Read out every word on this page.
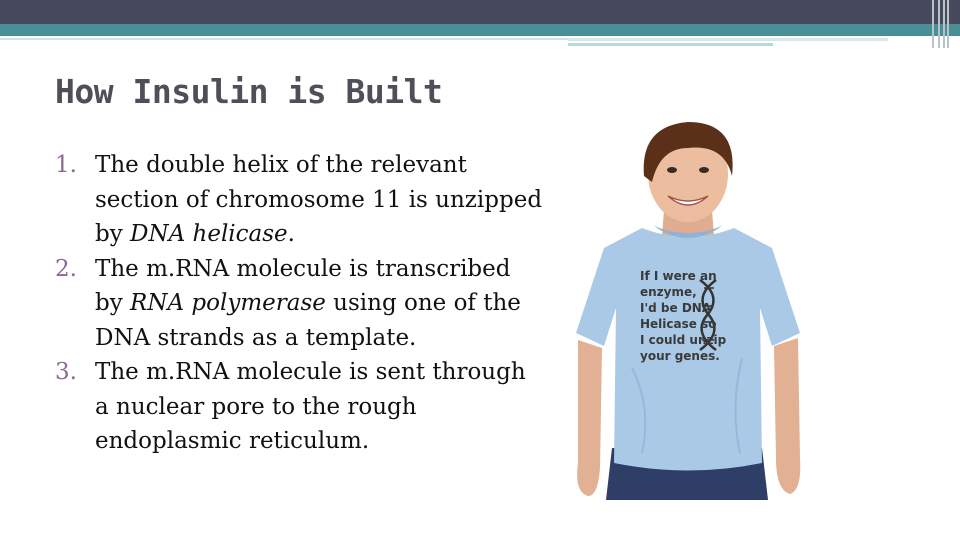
How Insulin is Built
1. The double helix of the relevant section of chromosome 11 is unzipped by DNA helicase.
2. The m.RNA molecule is transcribed by RNA polymerase using one of the DNA strands as a template.
3. The m.RNA molecule is sent through a nuclear pore to the rough endoplasmic reticulum.
If I were an
enzyme,
I'd be DNA
Helicase so
I could unzip
your genes.
